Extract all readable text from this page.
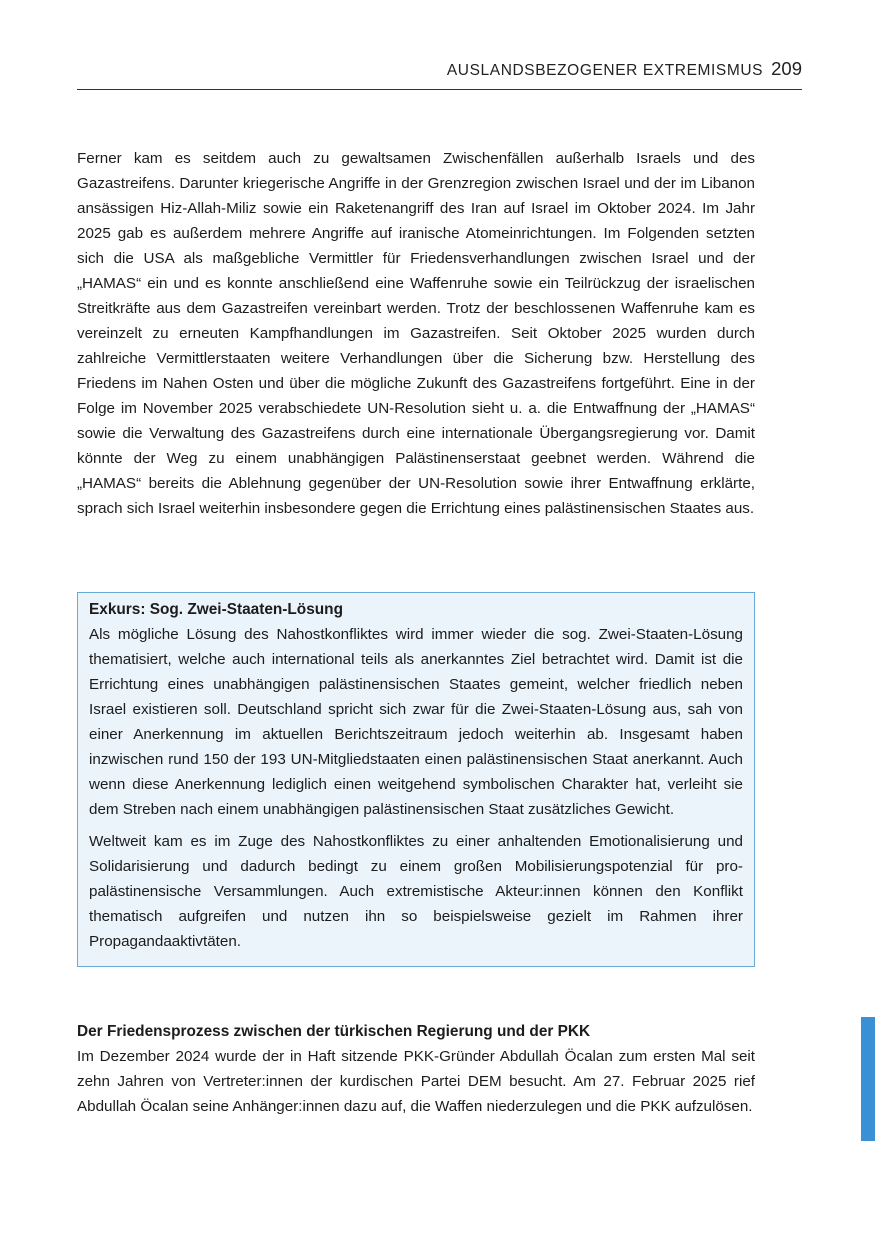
AUSLANDSBEZOGENER EXTREMISMUS 209

Ferner kam es seitdem auch zu gewaltsamen Zwischenfällen außerhalb Israels und des Gazastreifens. Darunter kriegerische Angriffe in der Grenzregion zwischen Israel und der im Libanon ansässigen Hiz-Allah-Miliz sowie ein Raketenangriff des Iran auf Israel im Oktober 2024. Im Jahr 2025 gab es außerdem mehrere Angriffe auf iranische Atomeinrichtungen. Im Folgenden setzten sich die USA als maßgebliche Vermittler für Friedensverhandlungen zwischen Israel und der „HAMAS“ ein und es konnte anschließend eine Waffenruhe sowie ein Teilrückzug der israelischen Streitkräfte aus dem Gazastreifen vereinbart werden. Trotz der beschlossenen Waffenruhe kam es vereinzelt zu erneuten Kampfhandlungen im Gazastreifen. Seit Oktober 2025 wurden durch zahlreiche Vermittlerstaaten weitere Verhandlungen über die Sicherung bzw. Herstellung des Friedens im Nahen Osten und über die mögliche Zukunft des Gazastreifens fortgeführt. Eine in der Folge im November 2025 verabschiedete UN-Resolution sieht u. a. die Entwaffnung der „HAMAS“ sowie die Verwaltung des Gazastreifens durch eine internationale Übergangsregierung vor. Damit könnte der Weg zu einem unabhängigen Palästinenserstaat geebnet werden. Während die „HAMAS“ bereits die Ablehnung gegenüber der UN-Resolution sowie ihrer Entwaffnung erklärte, sprach sich Israel weiterhin insbesondere gegen die Errichtung eines palästinensischen Staates aus.

Exkurs: Sog. Zwei-Staaten-Lösung

Als mögliche Lösung des Nahostkonfliktes wird immer wieder die sog. Zwei-Staaten-Lösung thematisiert, welche auch international teils als anerkanntes Ziel betrachtet wird. Damit ist die Errichtung eines unabhängigen palästinensischen Staates gemeint, welcher friedlich neben Israel existieren soll. Deutschland spricht sich zwar für die Zwei-Staaten-Lösung aus, sah von einer Anerkennung im aktuellen Berichtszeitraum jedoch weiterhin ab. Insgesamt haben inzwischen rund 150 der 193 UN-Mitgliedstaaten einen palästinensischen Staat anerkannt. Auch wenn diese Anerkennung lediglich einen weitgehend symbolischen Charakter hat, verleiht sie dem Streben nach einem unabhängigen palästinensischen Staat zusätzliches Gewicht.

Weltweit kam es im Zuge des Nahostkonfliktes zu einer anhaltenden Emotionalisierung und Solidarisierung und dadurch bedingt zu einem großen Mobilisierungspotenzial für pro-palästinensische Versammlungen. Auch extremistische Akteur:innen können den Konflikt thematisch aufgreifen und nutzen ihn so beispielsweise gezielt im Rahmen ihrer Propagandaaktivtäten.

Der Friedensprozess zwischen der türkischen Regierung und der PKK

Im Dezember 2024 wurde der in Haft sitzende PKK-Gründer Abdullah Öcalan zum ersten Mal seit zehn Jahren von Vertreter:innen der kurdischen Partei DEM besucht. Am 27. Februar 2025 rief Abdullah Öcalan seine Anhänger:innen dazu auf, die Waffen niederzulegen und die PKK aufzulösen.
